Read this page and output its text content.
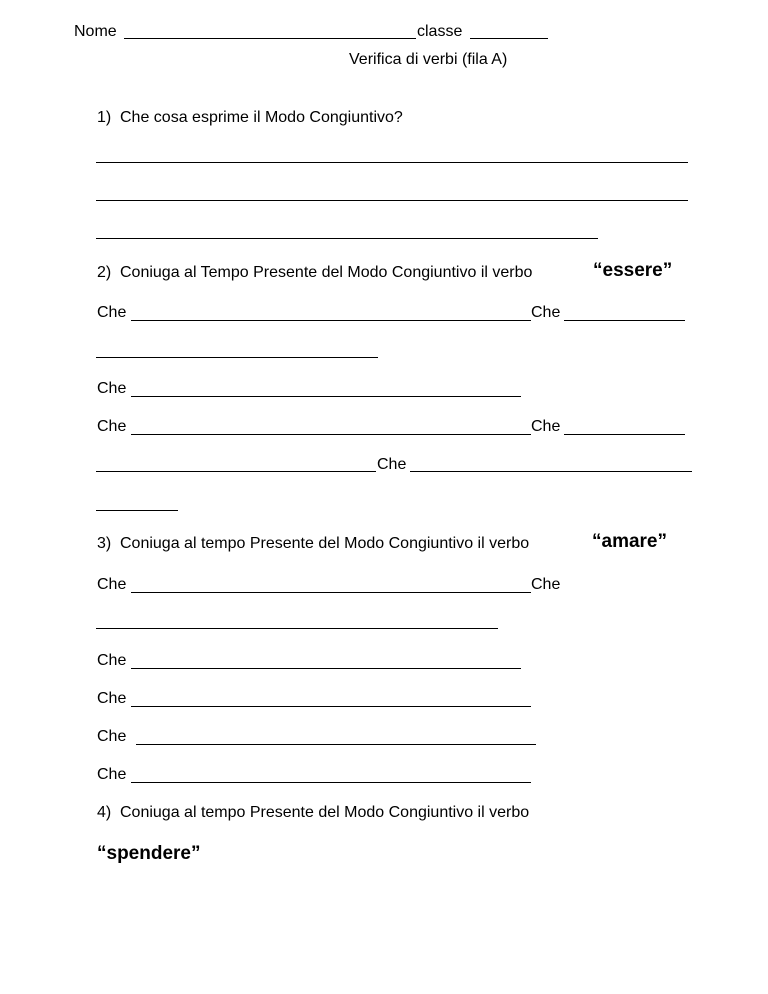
Nome	classe
Verifica di verbi (fila A)
1) Che cosa esprime il Modo Congiuntivo?
2) Coniuga al Tempo Presente del Modo Congiuntivo il verbo	“essere”
Che	Che
Che
Che	Che
Che
3) Coniuga al tempo Presente del Modo Congiuntivo il verbo	“amare”
Che	Che
Che
Che
Che
Che
4) Coniuga al tempo Presente del Modo Congiuntivo il verbo
“spendere”
